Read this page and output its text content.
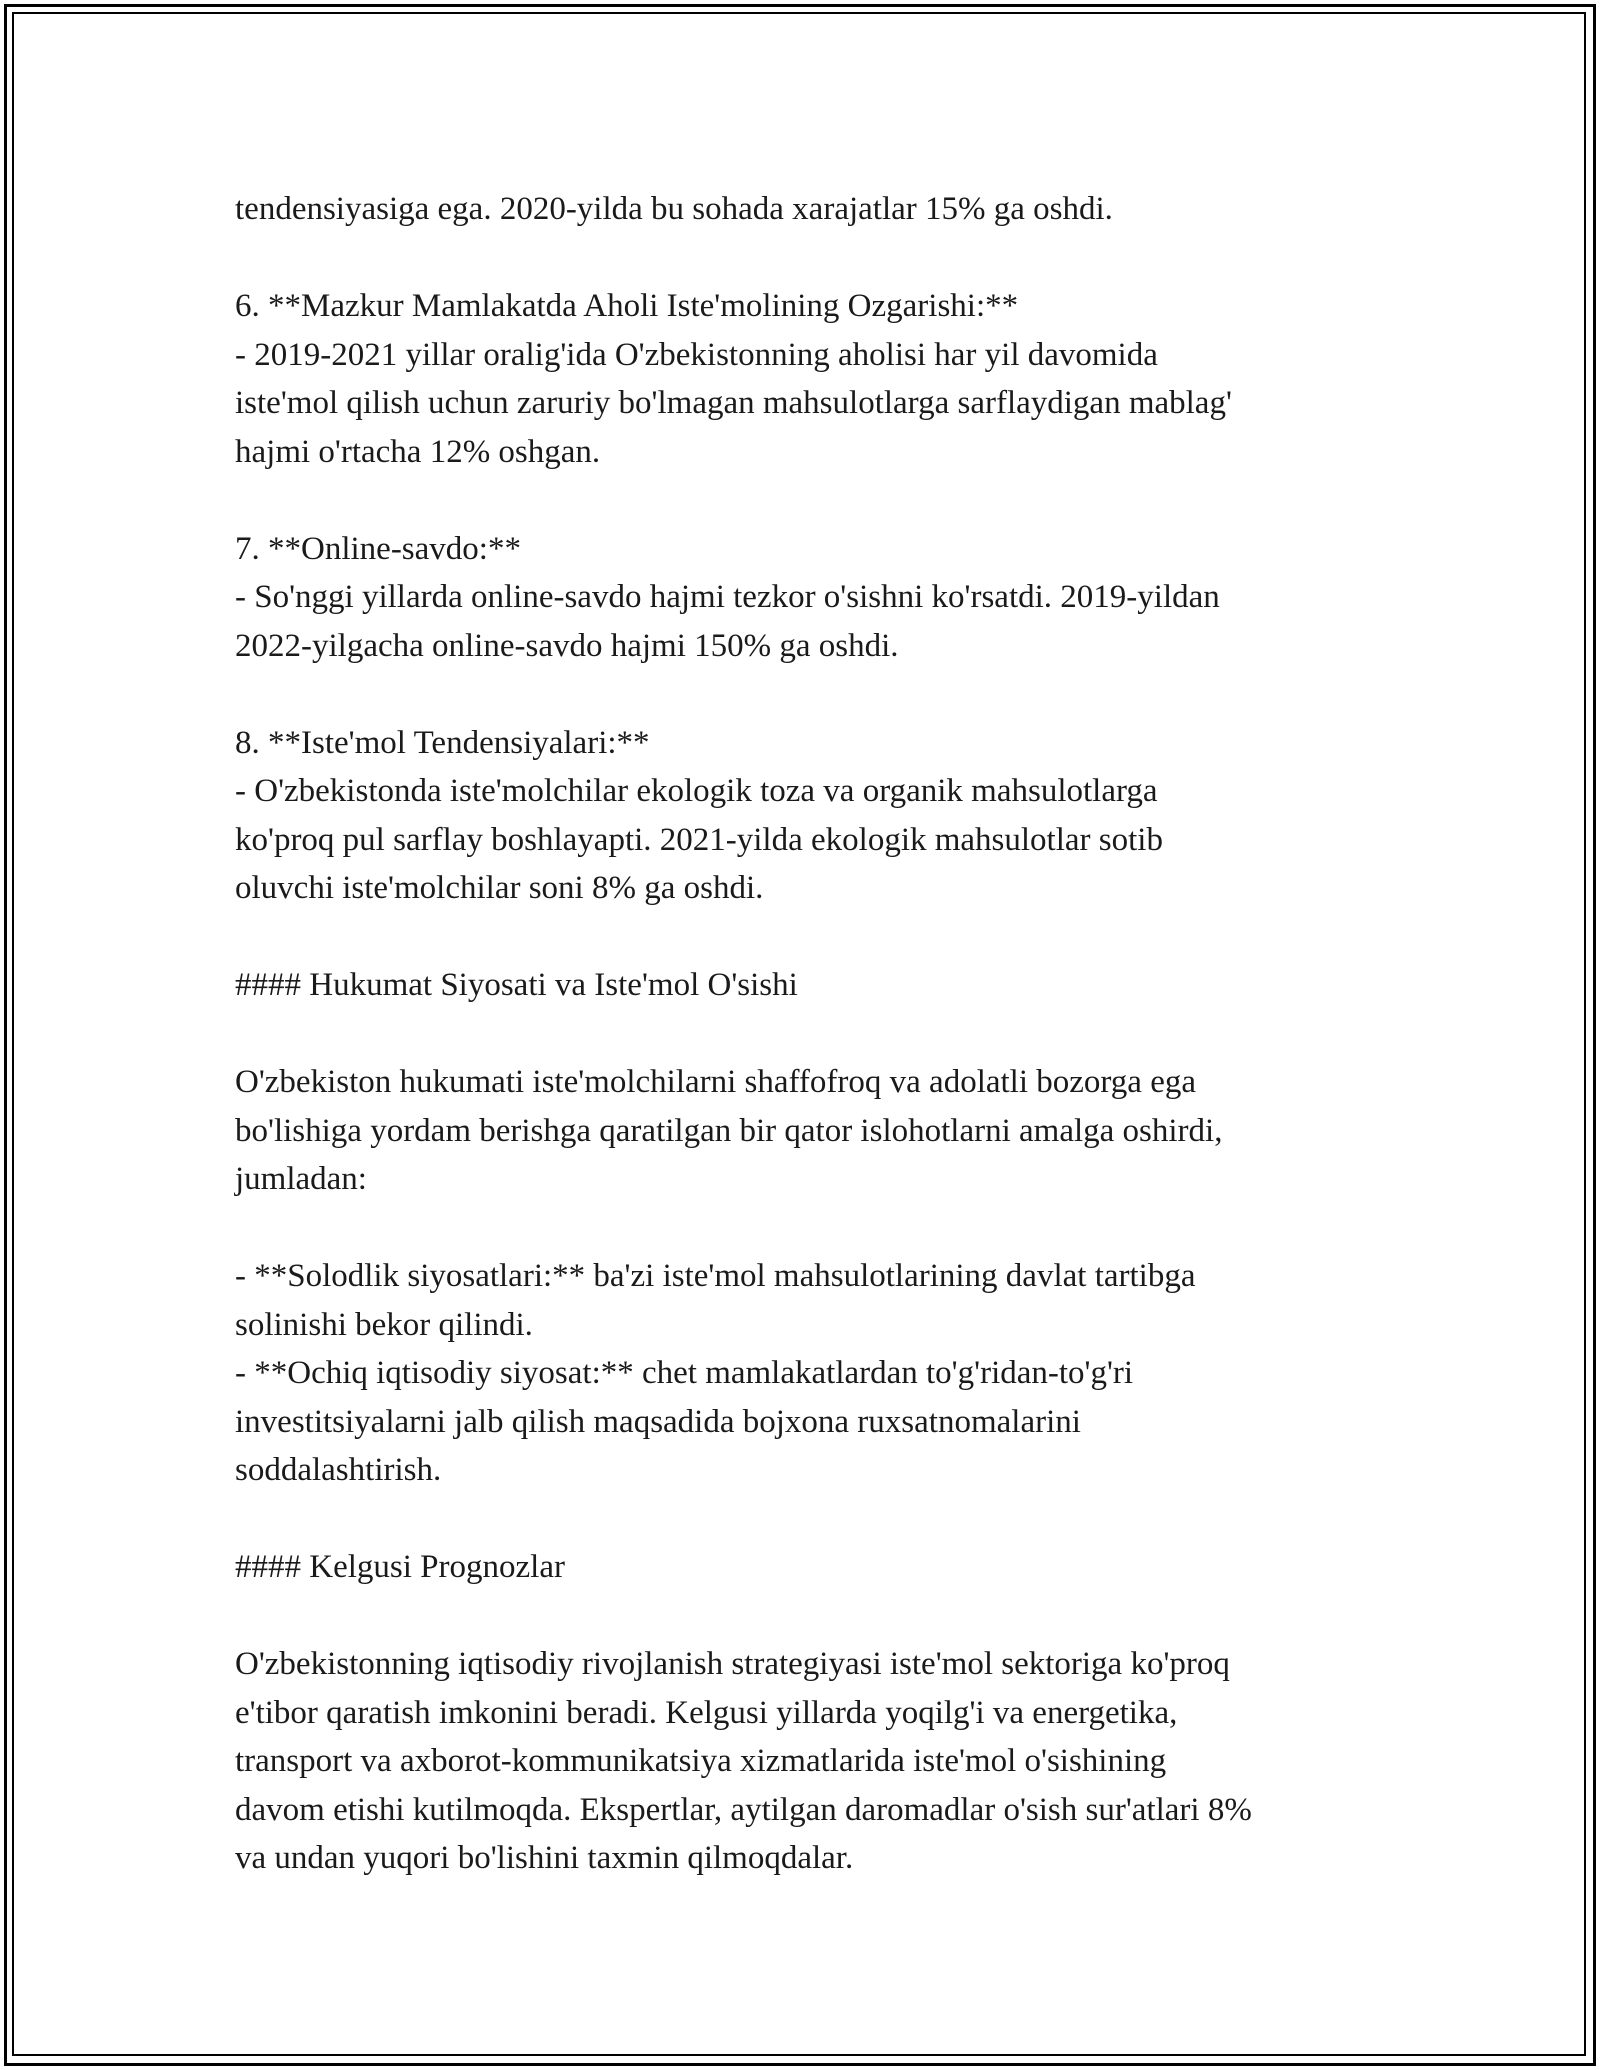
tendensiyasiga ega. 2020-yilda bu sohada xarajatlar 15% ga oshdi.

6. **Mazkur Mamlakatda Aholi Iste'molining Ozgarishi:**
- 2019-2021 yillar oralig'ida O'zbekistonning aholisi har yil davomida
iste'mol qilish uchun zaruriy bo'lmagan mahsulotlarga sarflaydigan mablag'
hajmi o'rtacha 12% oshgan.

7. **Online-savdo:**
- So'nggi yillarda online-savdo hajmi tezkor o'sishni ko'rsatdi. 2019-yildan
2022-yilgacha online-savdo hajmi 150% ga oshdi.

8. **Iste'mol Tendensiyalari:**
- O'zbekistonda iste'molchilar ekologik toza va organik mahsulotlarga
ko'proq pul sarflay boshlayapti. 2021-yilda ekologik mahsulotlar sotib
oluvchi iste'molchilar soni 8% ga oshdi.

#### Hukumat Siyosati va Iste'mol O'sishi

O'zbekiston hukumati iste'molchilarni shaffofroq va adolatli bozorga ega
bo'lishiga yordam berishga qaratilgan bir qator islohotlarni amalga oshirdi,
jumladan:

- **Solodlik siyosatlari:** ba'zi iste'mol mahsulotlarining davlat tartibga
solinishi bekor qilindi.
- **Ochiq iqtisodiy siyosat:** chet mamlakatlardan to'g'ridan-to'g'ri
investitsiyalarni jalb qilish maqsadida bojxona ruxsatnomalarini
soddalashtirish.

#### Kelgusi Prognozlar

O'zbekistonning iqtisodiy rivojlanish strategiyasi iste'mol sektoriga ko'proq
e'tibor qaratish imkonini beradi. Kelgusi yillarda yoqilg'i va energetika,
transport va axborot-kommunikatsiya xizmatlarida iste'mol o'sishining
davom etishi kutilmoqda. Ekspertlar, aytilgan daromadlar o'sish sur'atlari 8%
va undan yuqori bo'lishini taxmin qilmoqdalar.
